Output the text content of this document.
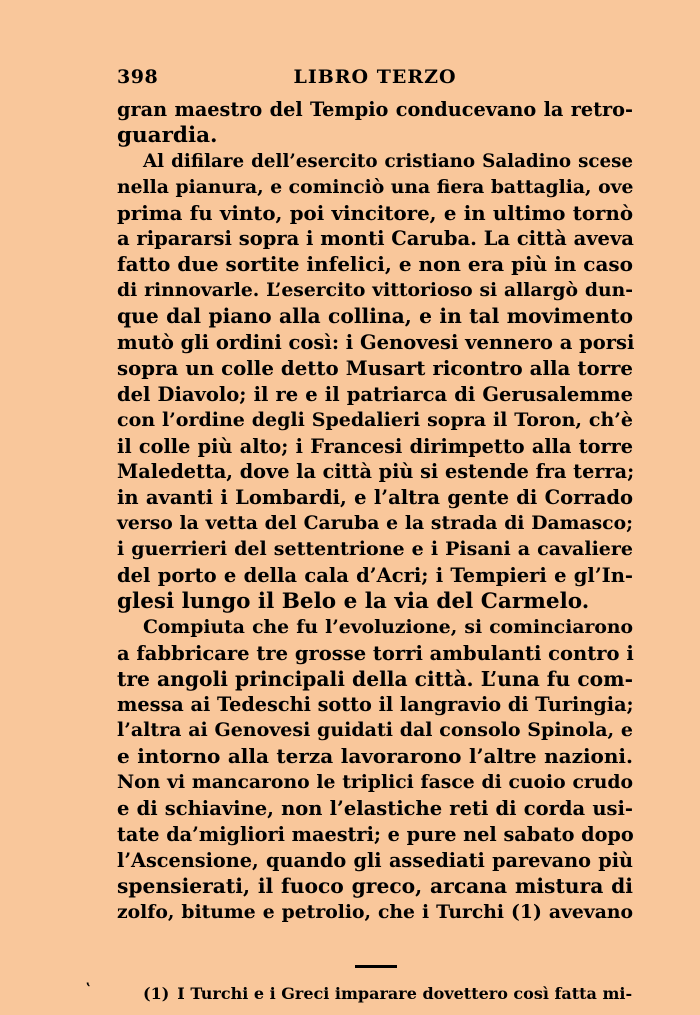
398	LIBRO TERZO
gran maestro del Tempio conducevano la retro-
guardia.
Al difilare dell’esercito cristiano Saladino scese
nella pianura, e cominciò una fiera battaglia, ove
prima fu vinto, poi vincitore, e in ultimo tornò
a ripararsi sopra i monti Caruba. La città aveva
fatto due sortite infelici, e non era più in caso
di rinnovarle. L’esercito vittorioso si allargò dun-
que dal piano alla collina, e in tal movimento
mutò gli ordini così: i Genovesi vennero a porsi
sopra un colle detto Musart ricontro alla torre
del Diavolo; il re e il patriarca di Gerusalemme
con l’ordine degli Spedalieri sopra il Toron, ch’è
il colle più alto; i Francesi dirimpetto alla torre
Maledetta, dove la città più si estende fra terra;
in avanti i Lombardi, e l’altra gente di Corrado
verso la vetta del Caruba e la strada di Damasco;
i guerrieri del settentrione e i Pisani a cavaliere
del porto e della cala d’Acri; i Tempieri e gl’In-
glesi lungo il Belo e la via del Carmelo.
Compiuta che fu l’evoluzione, si cominciarono
a fabbricare tre grosse torri ambulanti contro i
tre angoli principali della città. L’una fu com-
messa ai Tedeschi sotto il langravio di Turingia;
l’altra ai Genovesi guidati dal consolo Spinola, e
e intorno alla terza lavorarono l’altre nazioni.
Non vi mancarono le triplici fasce di cuoio crudo
e di schiavine, non l’elastiche reti di corda usi-
tate da’migliori maestri; e pure nel sabato dopo
l’Ascensione, quando gli assediati parevano più
spensierati, il fuoco greco, arcana mistura di
zolfo, bitume e petrolio, che i Turchi (1) avevano
‛	(1) I Turchi e i Greci imparare dovettero così fatta mi-
